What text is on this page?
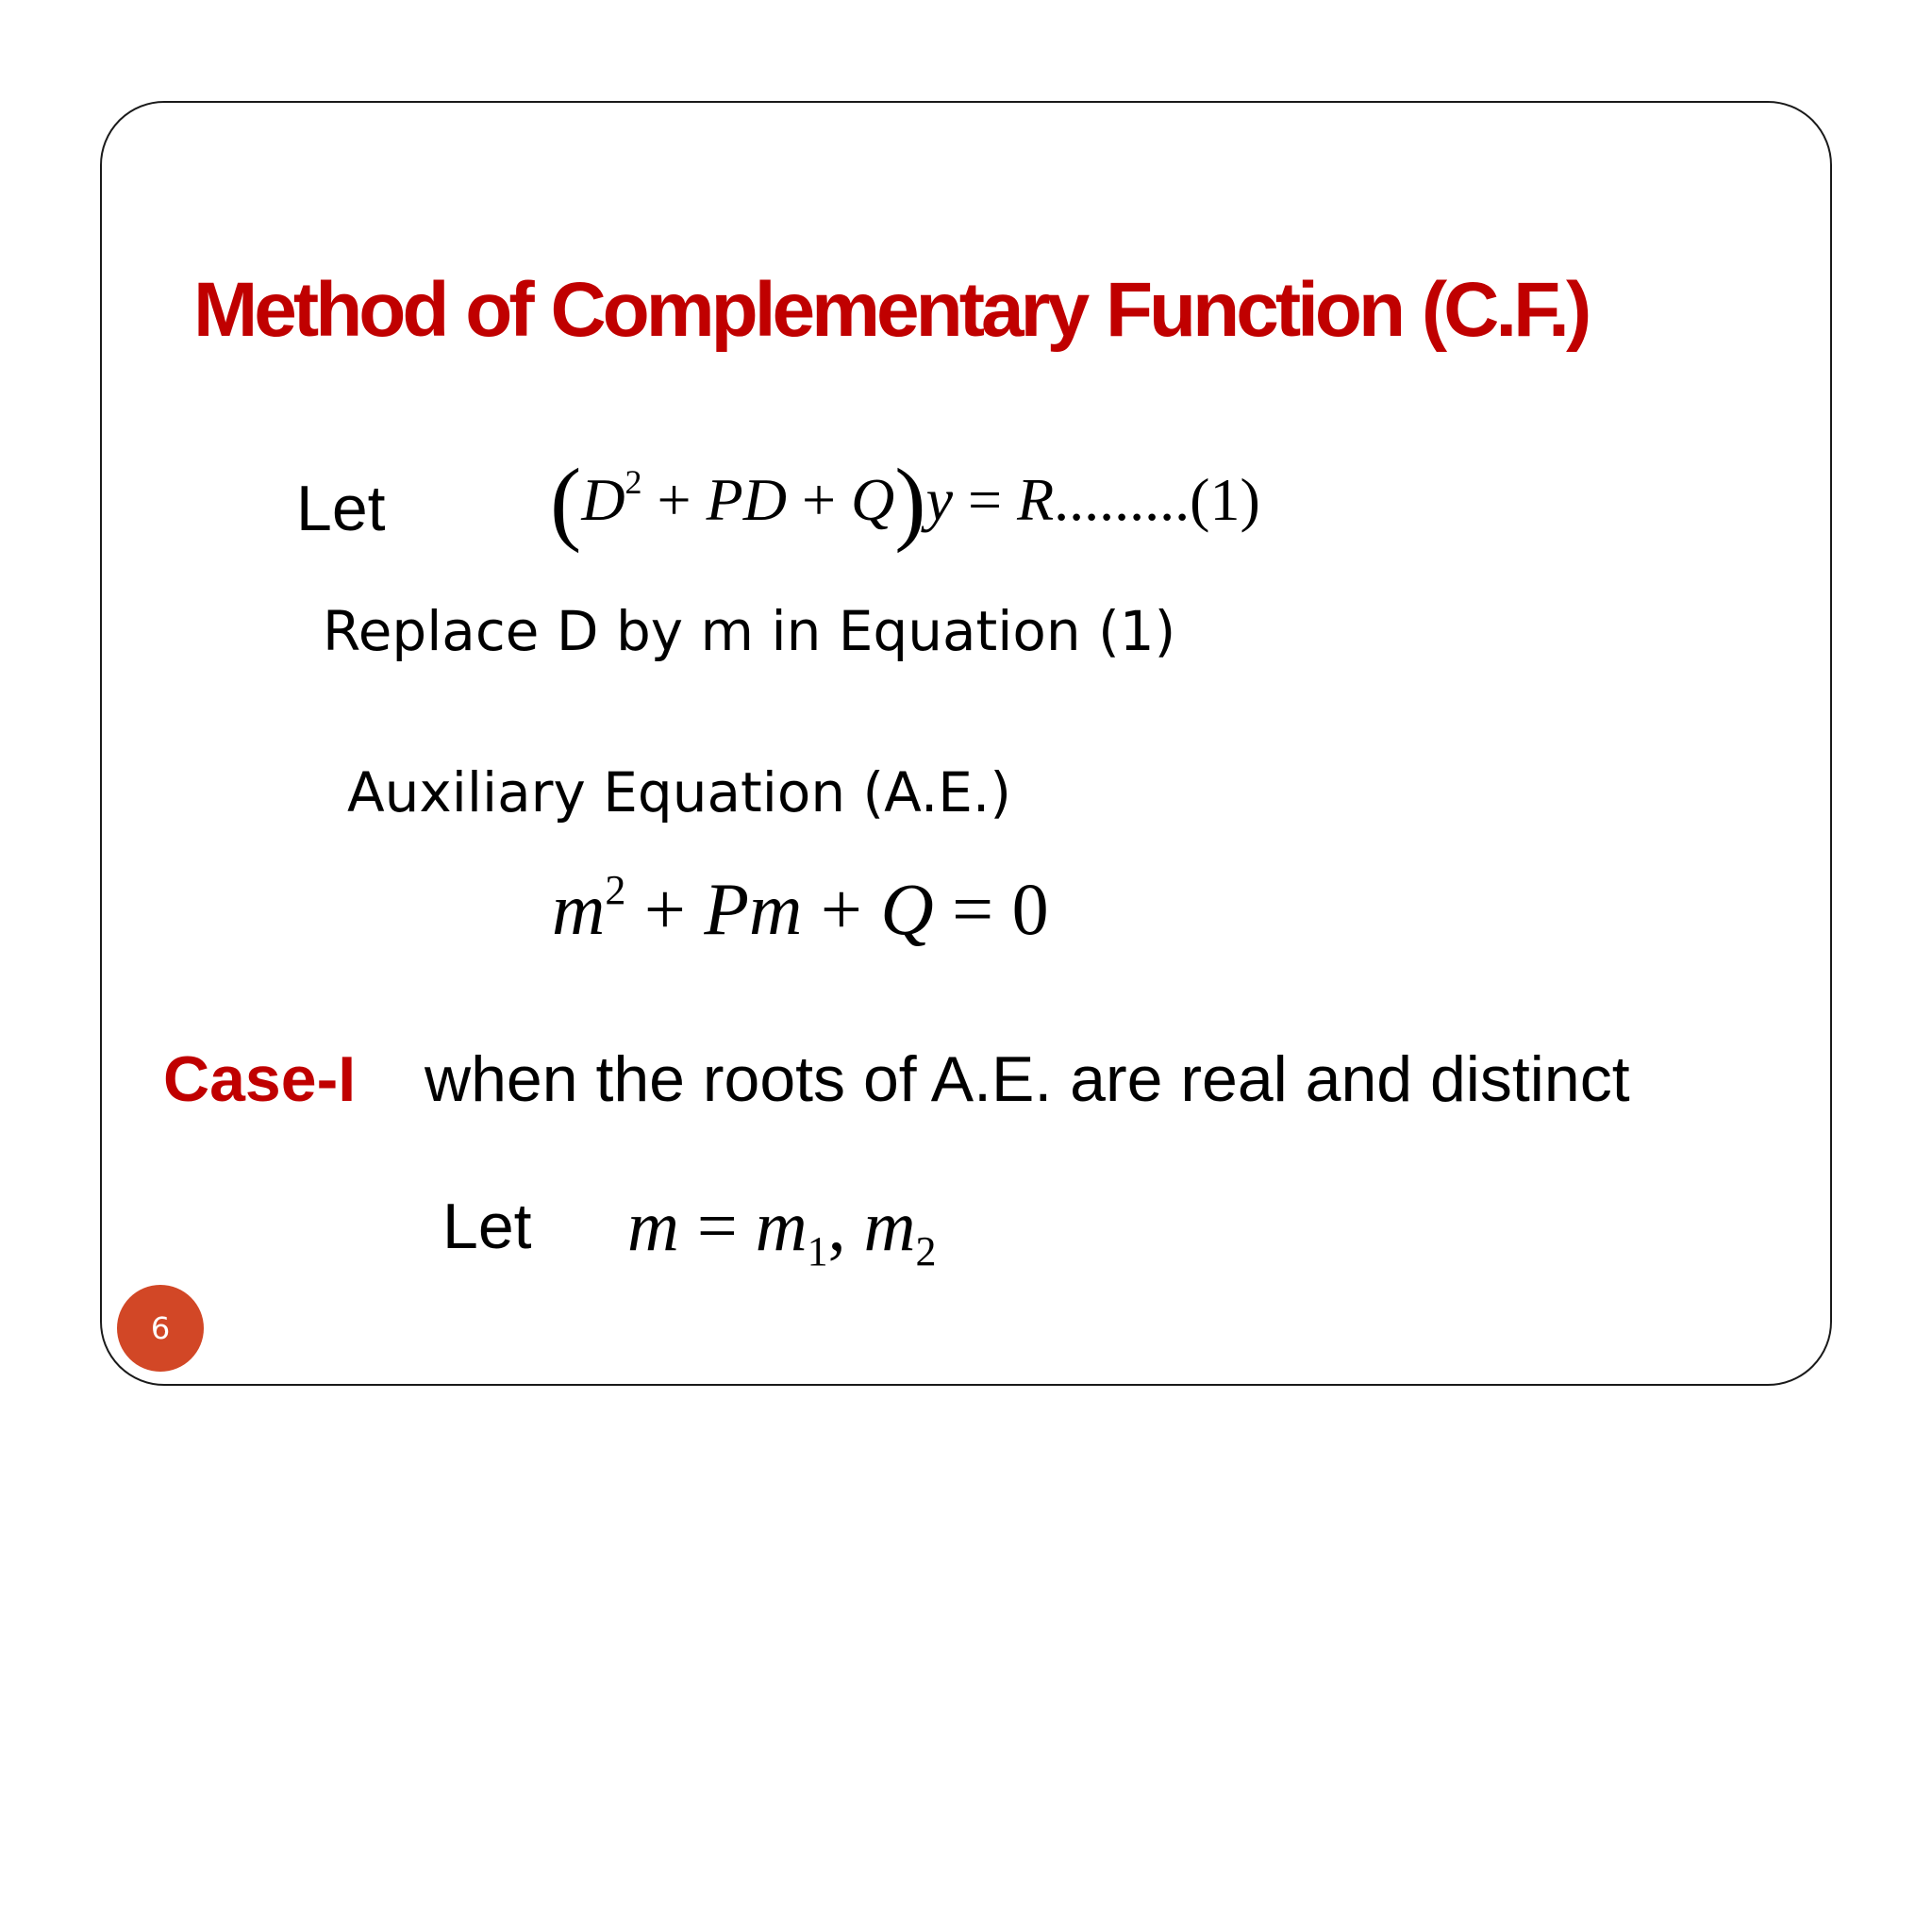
Method of Complementary Function (C.F.)
Let ($D^2$ + PD + Q)y = R.........(1)
Replace D by m in Equation (1)
Auxiliary Equation (A.E.)
$m^2 + Pm + Q = 0$
Case-I when the roots of A.E. are real and distinct
Let $m = m_1$, $m_2$
6
